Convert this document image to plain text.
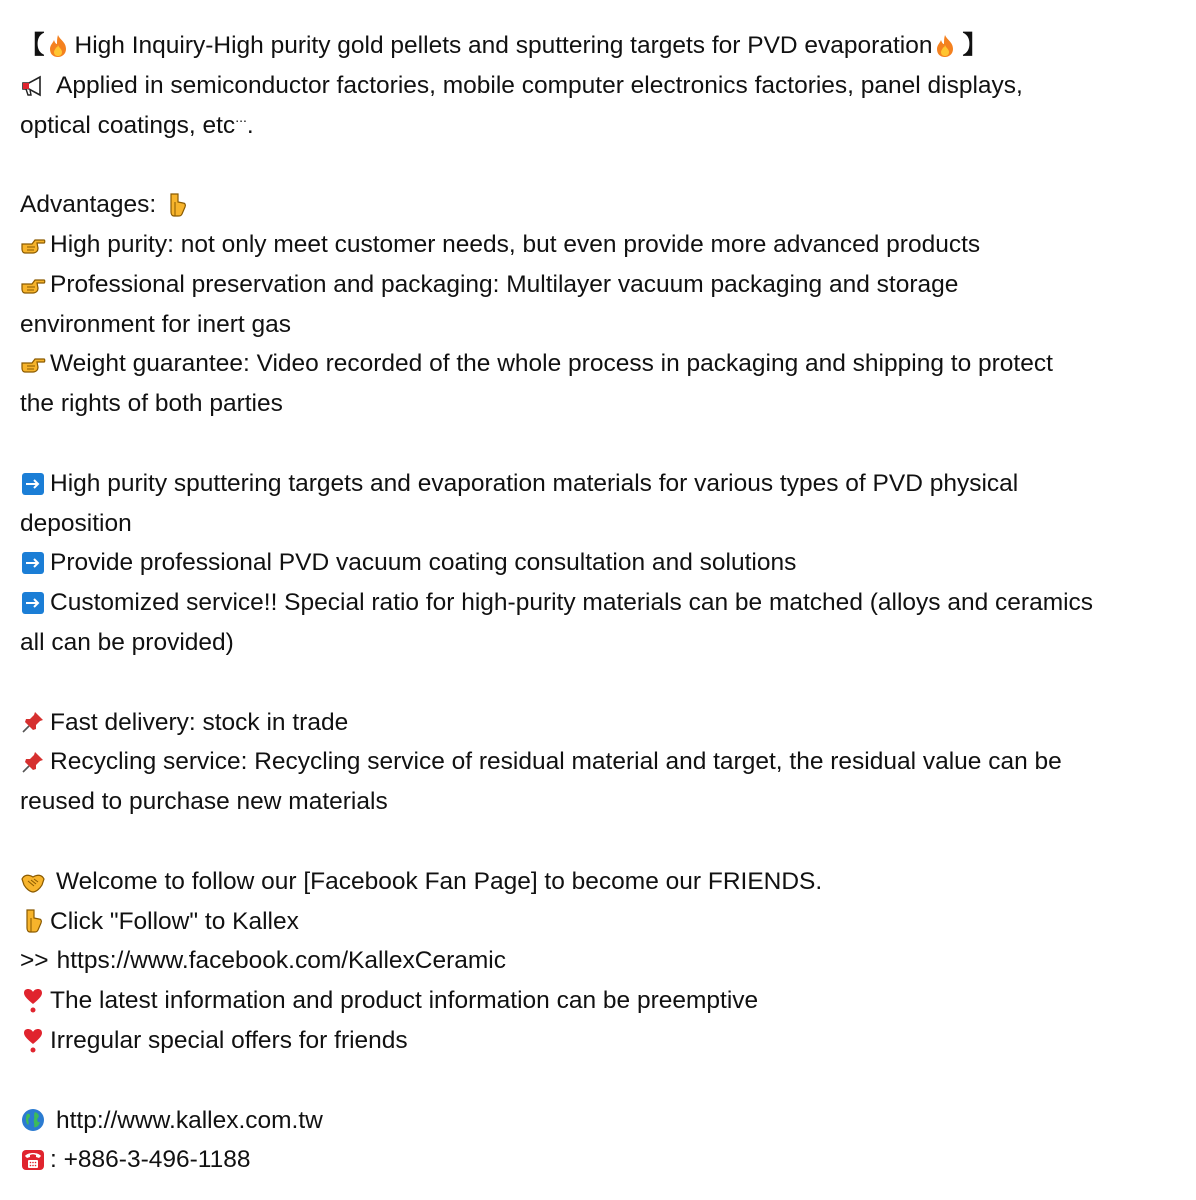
【 High Inquiry-High purity gold pellets and sputtering targets for PVD evaporation 】
Applied in semiconductor factories, mobile computer electronics factories, panel displays,
optical coatings, etc ... .
Advantages:
High purity: not only meet customer needs, but even provide more advanced products
Professional preservation and packaging: Multilayer vacuum packaging and storage
environment for inert gas
Weight guarantee: Video recorded of the whole process in packaging and shipping to protect
the rights of both parties
High purity sputtering targets and evaporation materials for various types of PVD physical
deposition
Provide professional PVD vacuum coating consultation and solutions
Customized service!! Special ratio for high-purity materials can be matched (alloys and ceramics
all can be provided)
Fast delivery: stock in trade
Recycling service: Recycling service of residual material and target, the residual value can be
reused to purchase new materials
Welcome to follow our [Facebook Fan Page] to become our FRIENDS.
Click "Follow" to Kallex
>> https://www.facebook.com/KallexCeramic
The latest information and product information can be preemptive
Irregular special offers for friends
http://www.kallex.com.tw
: +886-3-496-1188
